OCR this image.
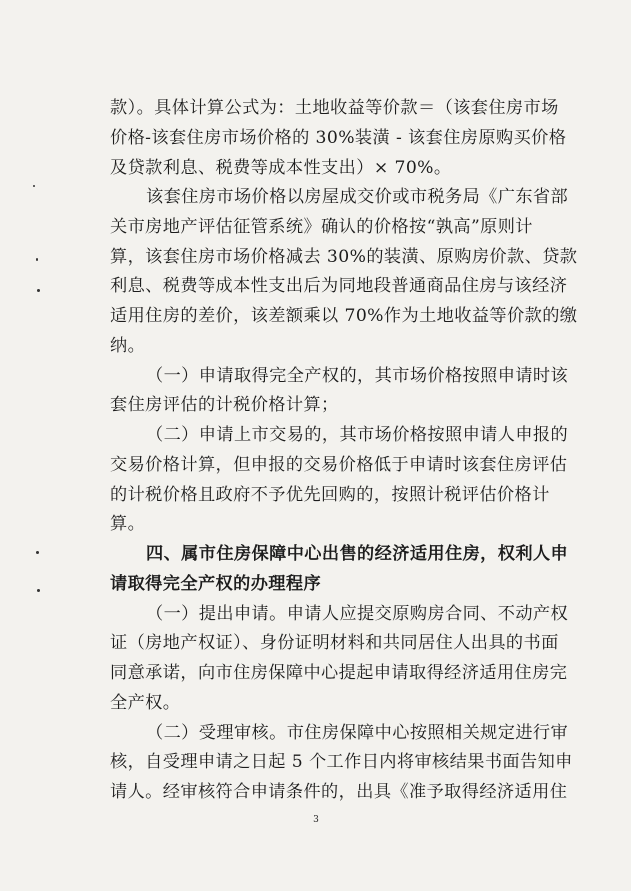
款）。具体计算公式为：土地收益等价款＝（该套住房市场
价格-该套住房市场价格的 30%装潢 - 该套住房原购买价格
及贷款利息、税费等成本性支出）× 70%。
该套住房市场价格以房屋成交价或市税务局《广东省部
关市房地产评估征管系统》确认的价格按“孰高”原则计
算，该套住房市场价格减去 30%的装潢、原购房价款、贷款
利息、税费等成本性支出后为同地段普通商品住房与该经济
适用住房的差价，该差额乘以 70%作为土地收益等价款的缴
纳。
（一）申请取得完全产权的，其市场价格按照申请时该
套住房评估的计税价格计算；
（二）申请上市交易的，其市场价格按照申请人申报的
交易价格计算，但申报的交易价格低于申请时该套住房评估
的计税价格且政府不予优先回购的，按照计税评估价格计
算。
四、属市住房保障中心出售的经济适用住房，权利人申
请取得完全产权的办理程序
（一）提出申请。申请人应提交原购房合同、不动产权
证（房地产权证）、身份证明材料和共同居住人出具的书面
同意承诺，向市住房保障中心提起申请取得经济适用住房完
全产权。
（二）受理审核。市住房保障中心按照相关规定进行审
核，自受理申请之日起 5 个工作日内将审核结果书面告知申
请人。经审核符合申请条件的，出具《准予取得经济适用住
3
